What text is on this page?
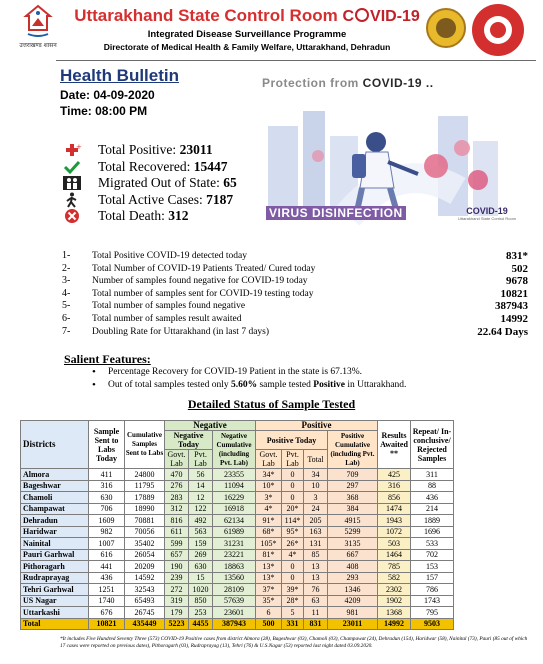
उत्तराखण्ड शासन
Uttarakhand State Control Room C VID-19
Integrated Disease Surveillance Programme
Directorate of Medical Health & Family Welfare, Uttarakhand, Dehradun
Health Bulletin
Date: 04-09-2020
Time: 08:00 PM
Protection from COVID-19 ..
VIRUS DISINFECTION	COVID-19
Uttarakhand State Control Room
+ Total Positive: 23011
Total Recovered: 15447
Migrated Out of State: 65
Total Active Cases: 7187
Total Death: 312
1-	Total Positive COVID-19 detected today	831*
2-	Total Number of COVID-19 Patients Treated/ Cured today	502
3-	Number of samples found negative for COVID-19 today	9678
4-	Total number of samples sent for COVID-19 testing today	10821
5-	Total number of samples found negative	387943
6-	Total number of samples result awaited	14992
7-	Doubling Rate for Uttarakhand (in last 7 days)	22.64 Days
Salient Features:
• Percentage Recovery for COVID-19 Patient in the state is 67.13%.
• Out of total samples tested only 5.60% sample tested Positive in Uttarakhand.
Detailed Status of Sample Tested
Districts	Sample Sent to Labs Today	Cumulative Samples Sent to Labs	Negative			Positive				Results Awaited **	Repeat/ In-conclusive/ Rejected Samples
			Negative Today		Negative Cumulative (including Pvt. Lab)	Positive Today			Positive Cumulative (including Pvt. Lab)		
			Govt. Lab	Pvt. Lab		Govt. Lab	Pvt. Lab	Total			
Almora	411	24800	470	56	23355	34*	0	34	709	425	311
Bageshwar	316	11795	276	14	11094	10*	0	10	297	316	88
Chamoli	630	17889	283	12	16229	3*	0	3	368	856	436
Champawat	706	18990	312	122	16918	4*	20*	24	384	1474	214
Dehradun	1609	70881	816	492	62134	91*	114*	205	4915	1943	1889
Haridwar	982	70056	611	563	61989	68*	95*	163	5299	1072	1696
Nainital	1007	35402	599	159	31231	105*	26*	131	3135	503	533
Pauri Garhwal	616	26054	657	269	23221	81*	4*	85	667	1464	702
Pithoragarh	441	20209	190	630	18863	13*	0	13	408	785	153
Rudraprayag	436	14592	239	15	13560	13*	0	13	293	582	157
Tehri Garhwal	1251	32543	272	1020	28109	37*	39*	76	1346	2302	786
US Nagar	1740	65493	319	850	57639	35*	28*	63	4209	1902	1743
Uttarkashi	676	26745	179	253	23601	6	5	11	981	1368	795
Total	10821	435449	5223	4455	387943	500	331	831	23011	14992	9503
*It includes Five Hundred Seventy Three (573) COVID-19 Positive cases from district Almora (28), Bageshwar (03), Chamoli (03), Champawat (24), Dehradun (154), Haridwar (58), Nainital (73), Pauri (85 out of which 17 cases were reported on previous dates), Pithoragarh (03), Rudraprayag (13), Tehri (76) & U.S.Nagar (53) reported last night dated 03.09.2020.
